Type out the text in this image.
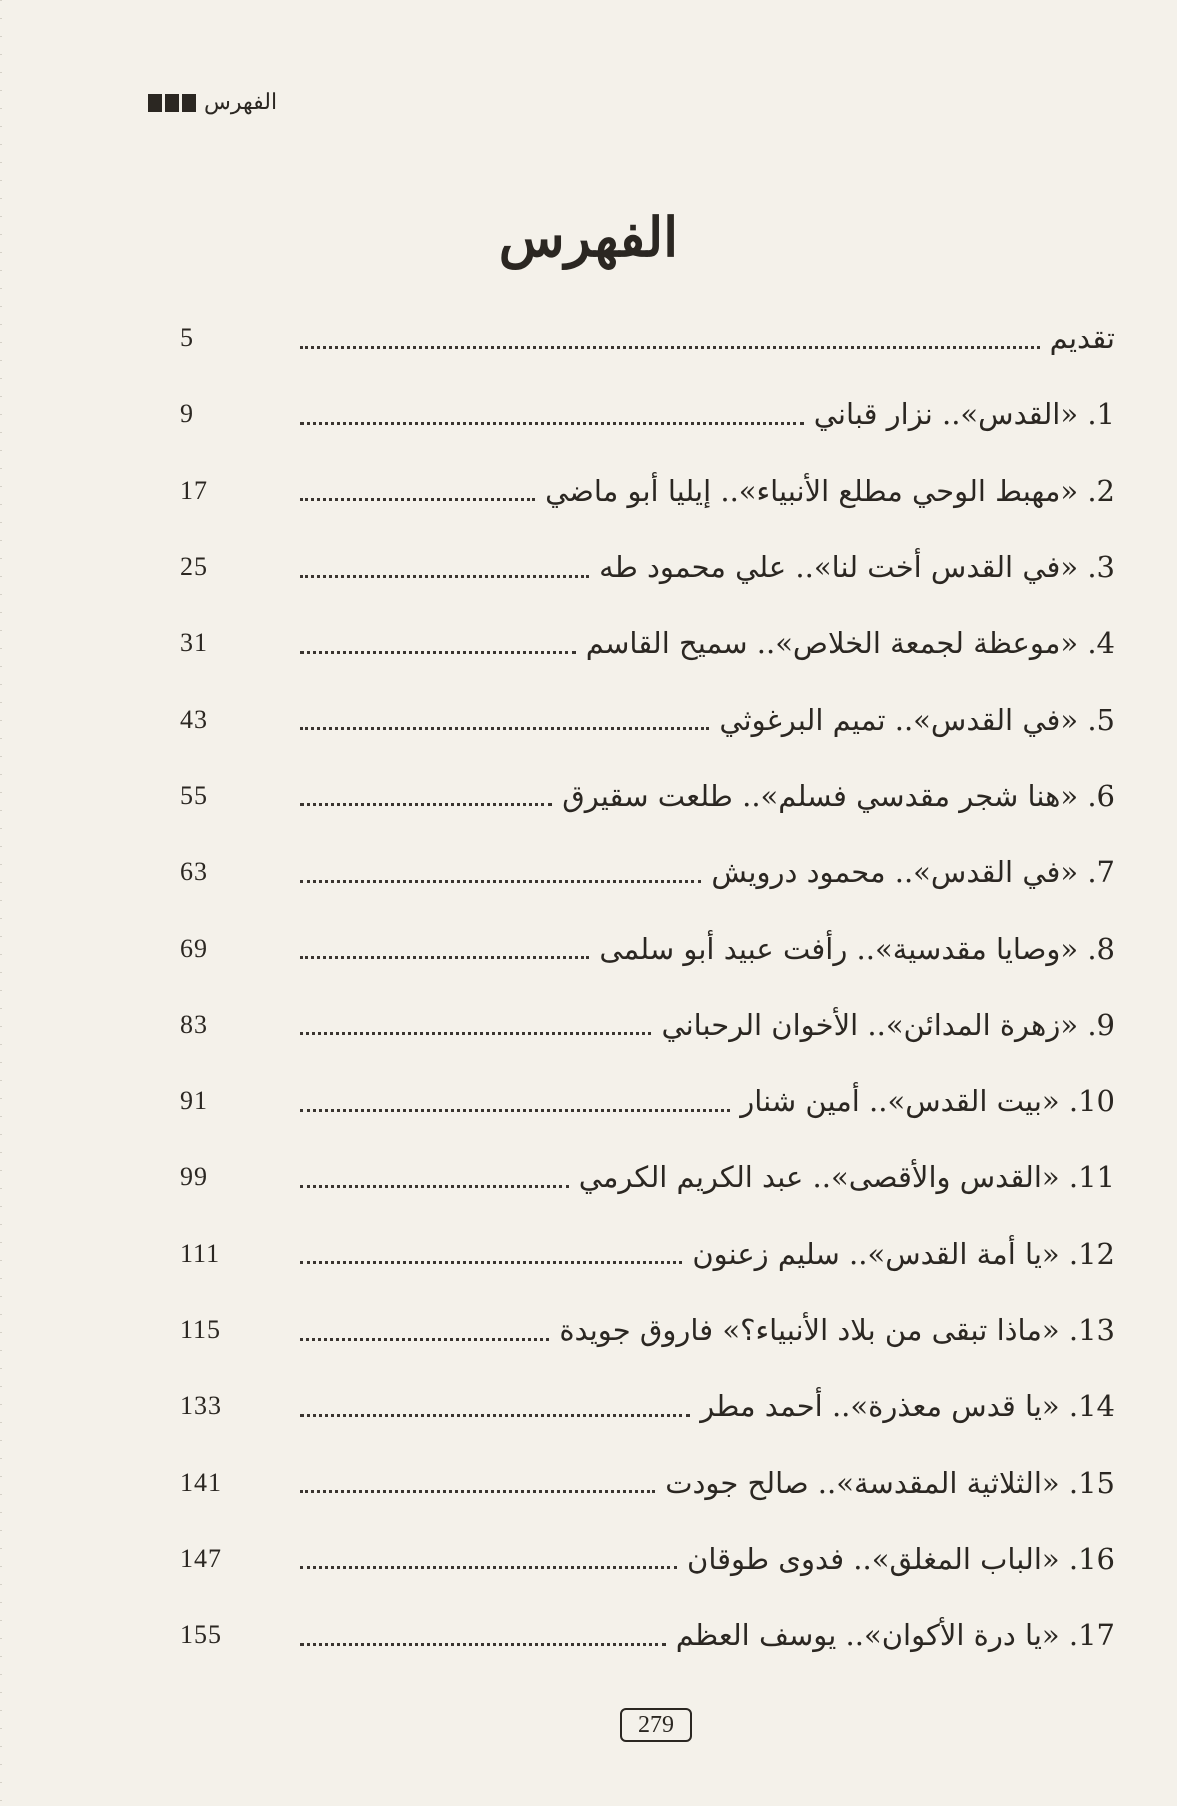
الفهرس
الفهرس
5	تقديم
9	1. «القدس».. نزار قباني
17	2. «مهبط الوحي مطلع الأنبياء».. إيليا أبو ماضي
25	3. «في القدس أخت لنا».. علي محمود طه
31	4. «موعظة لجمعة الخلاص».. سميح القاسم
43	5. «في القدس».. تميم البرغوثي
55	6. «هنا شجر مقدسي فسلم».. طلعت سقيرق
63	7. «في القدس».. محمود درويش
69	8. «وصايا مقدسية».. رأفت عبيد أبو سلمى
83	9. «زهرة المدائن».. الأخوان الرحباني
91	10. «بيت القدس».. أمين شنار
99	11. «القدس والأقصى».. عبد الكريم الكرمي
111	12. «يا أمة القدس».. سليم زعنون
115	13. «ماذا تبقى من بلاد الأنبياء؟» فاروق جويدة
133	14. «يا قدس معذرة».. أحمد مطر
141	15. «الثلاثية المقدسة».. صالح جودت
147	16. «الباب المغلق».. فدوى طوقان
155	17. «يا درة الأكوان».. يوسف العظم
279
